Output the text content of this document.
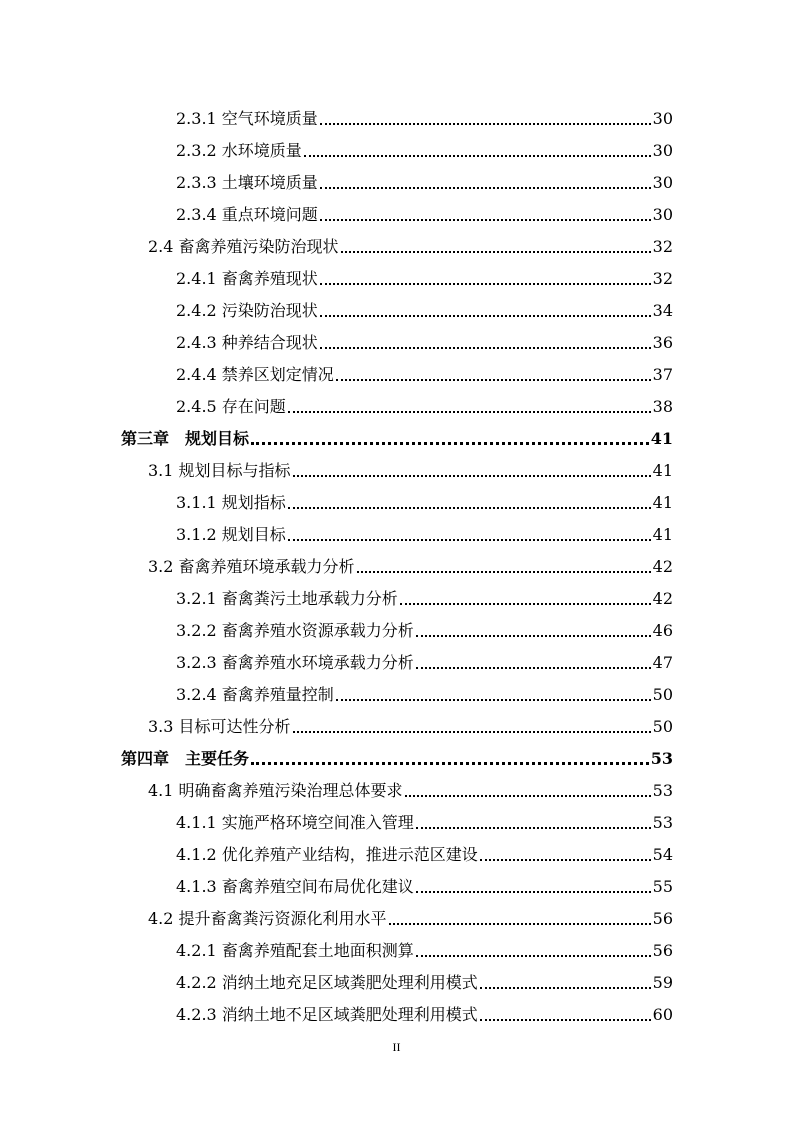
2.3.1 空气环境质量	30
2.3.2 水环境质量	30
2.3.3 土壤环境质量	30
2.3.4 重点环境问题	30
2.4 畜禽养殖污染防治现状	32
2.4.1 畜禽养殖现状	32
2.4.2 污染防治现状	34
2.4.3 种养结合现状	36
2.4.4 禁养区划定情况	37
2.4.5 存在问题	38
第三章　规划目标	41
3.1 规划目标与指标	41
3.1.1 规划指标	41
3.1.2 规划目标	41
3.2 畜禽养殖环境承载力分析	42
3.2.1 畜禽粪污土地承载力分析	42
3.2.2 畜禽养殖水资源承载力分析	46
3.2.3 畜禽养殖水环境承载力分析	47
3.2.4 畜禽养殖量控制	50
3.3 目标可达性分析	50
第四章　主要任务	53
4.1 明确畜禽养殖污染治理总体要求	53
4.1.1 实施严格环境空间准入管理	53
4.1.2 优化养殖产业结构，推进示范区建设	54
4.1.3 畜禽养殖空间布局优化建议	55
4.2 提升畜禽粪污资源化利用水平	56
4.2.1 畜禽养殖配套土地面积测算	56
4.2.2 消纳土地充足区域粪肥处理利用模式	59
4.2.3 消纳土地不足区域粪肥处理利用模式	60
II
